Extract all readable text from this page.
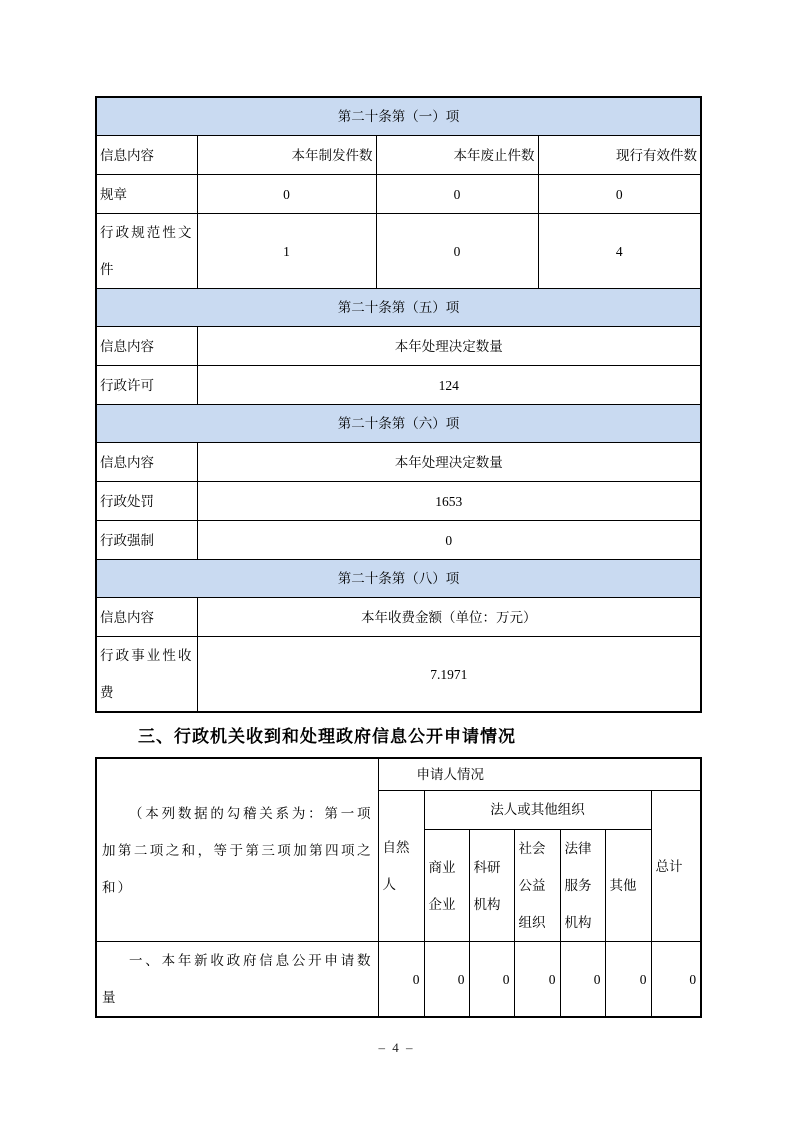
第二十条第（一）项			
信息内容	本年制发件数	本年废止件数	现行有效件数
规章	0	0	0
行政规范性文件	1	0	4
第二十条第（五）项			
信息内容	本年处理决定数量		
行政许可	124		
第二十条第（六）项			
信息内容	本年处理决定数量		
行政处罚	1653		
行政强制	0		
第二十条第（八）项			
信息内容	本年收费金额（单位：万元）		
行政事业性收费	7.1971		
三、行政机关收到和处理政府信息公开申请情况
（本列数据的勾稽关系为：第一项加第二项之和，等于第三项加第四项之和）	申请人情况						
	自然人	法人或其他组织					总计
		商业企业	科研机构	社会公益组织	法律服务机构	其他	
一、本年新收政府信息公开申请数量	0	0	0	0	0	0	0
– 4 –
